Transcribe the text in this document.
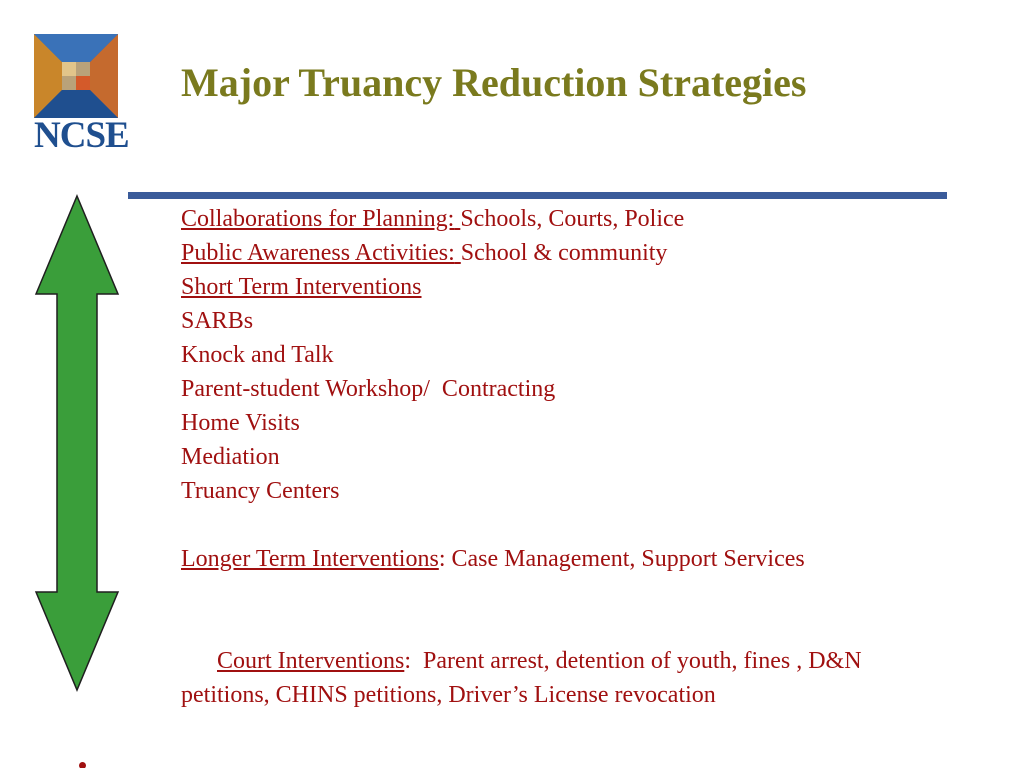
NCSE
Major Truancy Reduction Strategies
Collaborations for Planning: Schools, Courts, Police
Public Awareness Activities: School & community
Short Term Interventions
SARBs
Knock and Talk
Parent-student Workshop/  Contracting
Home Visits
Mediation
Truancy Centers
Longer Term Interventions: Case Management, Support Services

Court Interventions:  Parent arrest, detention of youth, fines , D&N petitions, CHINS petitions, Driver’s License revocation
